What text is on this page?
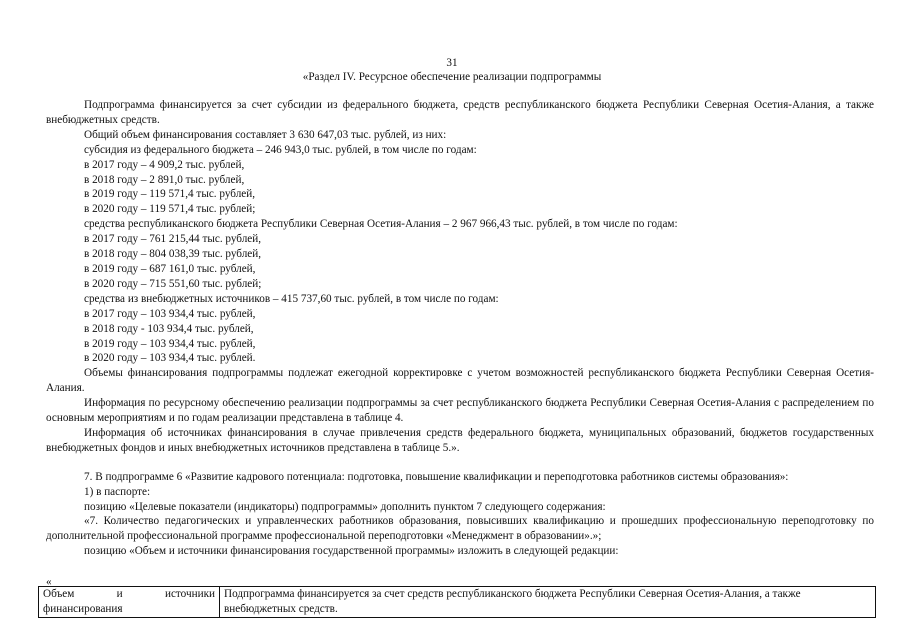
31
«Раздел IV. Ресурсное обеспечение реализации подпрограммы

Подпрограмма финансируется за счет субсидии из федерального бюджета, средств республиканского бюджета Республики Северная Осетия-Алания, а также внебюджетных средств.

Общий объем финансирования составляет 3 630 647,03 тыс. рублей, из них:

субсидия из федерального бюджета – 246 943,0 тыс. рублей, в том числе по годам:

в 2017 году – 4 909,2 тыс. рублей,

в 2018 году – 2 891,0 тыс. рублей,

в 2019 году – 119 571,4 тыс. рублей,

в 2020 году – 119 571,4 тыс. рублей;

средства республиканского бюджета Республики Северная Осетия-Алания – 2 967 966,43 тыс. рублей, в том числе по годам:

в 2017 году – 761 215,44 тыс. рублей,

в 2018 году – 804 038,39 тыс. рублей,

в 2019 году – 687 161,0 тыс. рублей,

в 2020 году – 715 551,60 тыс. рублей;

средства из внебюджетных источников – 415 737,60 тыс. рублей, в том числе по годам:

в 2017 году – 103 934,4 тыс. рублей,

в 2018 году - 103 934,4 тыс. рублей,

в 2019 году – 103 934,4 тыс. рублей,

в 2020 году – 103 934,4 тыс. рублей.

Объемы финансирования подпрограммы подлежат ежегодной корректировке с учетом возможностей республиканского бюджета Республики Северная Осетия-Алания.

Информация по ресурсному обеспечению реализации подпрограммы за счет республиканского бюджета Республики Северная Осетия-Алания с распределением по основным мероприятиям и по годам реализации представлена в таблице 4.

Информация об источниках финансирования в случае привлечения средств федерального бюджета, муниципальных образований, бюджетов государственных внебюджетных фондов и иных внебюджетных источников представлена в таблице 5.».

7. В подпрограмме 6 «Развитие кадрового потенциала: подготовка, повышение квалификации и переподготовка работников системы образования»:

1) в паспорте:

позицию «Целевые показатели (индикаторы) подпрограммы» дополнить пунктом 7 следующего содержания:

«7. Количество педагогических и управленческих работников образования, повысивших квалификацию и прошедших профессиональную переподготовку по дополнительной профессиональной программе профессиональной переподготовки «Менеджмент в образовании».»;

позицию «Объем и источники финансирования государственной программы» изложить в следующей редакции:

«
Объем и источники финансирования	Подпрограмма финансируется за счет средств республиканского бюджета Республики Северная Осетия-Алания, а также внебюджетных средств.
